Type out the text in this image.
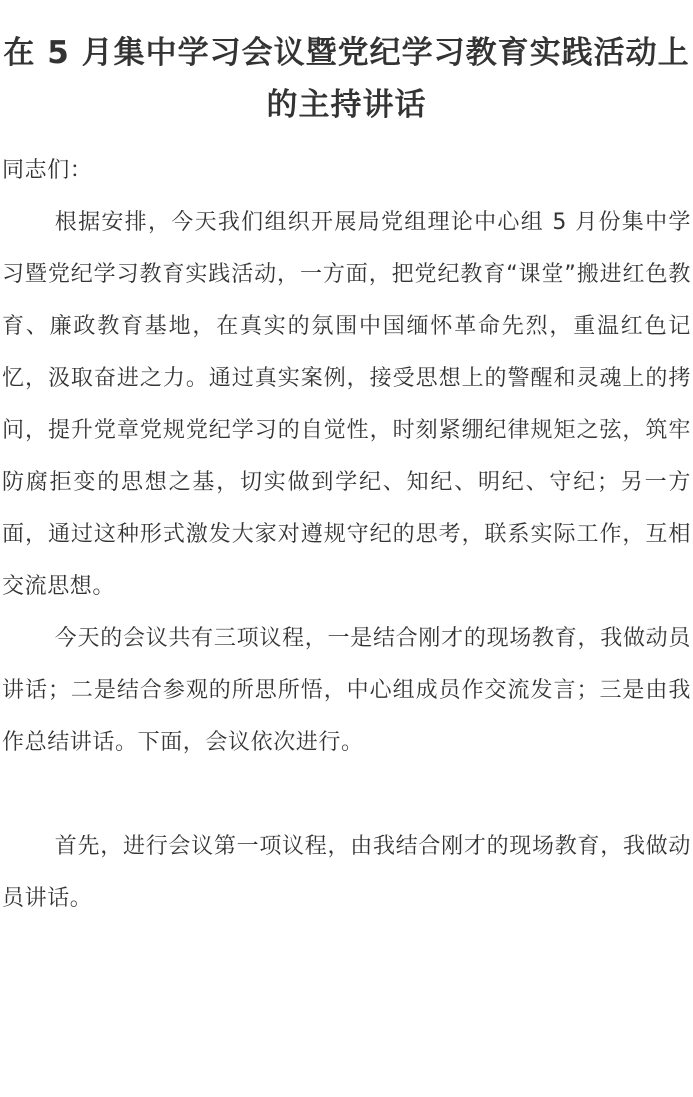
在 5 月集中学习会议暨党纪学习教育实践活动上的主持讲话

同志们：

根据安排，今天我们组织开展局党组理论中心组 5 月份集中学习暨党纪学习教育实践活动，一方面，把党纪教育“课堂”搬进红色教育、廉政教育基地，在真实的氛围中国缅怀革命先烈，重温红色记忆，汲取奋进之力。通过真实案例，接受思想上的警醒和灵魂上的拷问，提升党章党规党纪学习的自觉性，时刻紧绷纪律规矩之弦，筑牢防腐拒变的思想之基，切实做到学纪、知纪、明纪、守纪；另一方面，通过这种形式激发大家对遵规守纪的思考，联系实际工作，互相交流思想。

今天的会议共有三项议程，一是结合刚才的现场教育，我做动员讲话；二是结合参观的所思所悟，中心组成员作交流发言；三是由我作总结讲话。下面，会议依次进行。

首先，进行会议第一项议程，由我结合刚才的现场教育，我做动员讲话。
